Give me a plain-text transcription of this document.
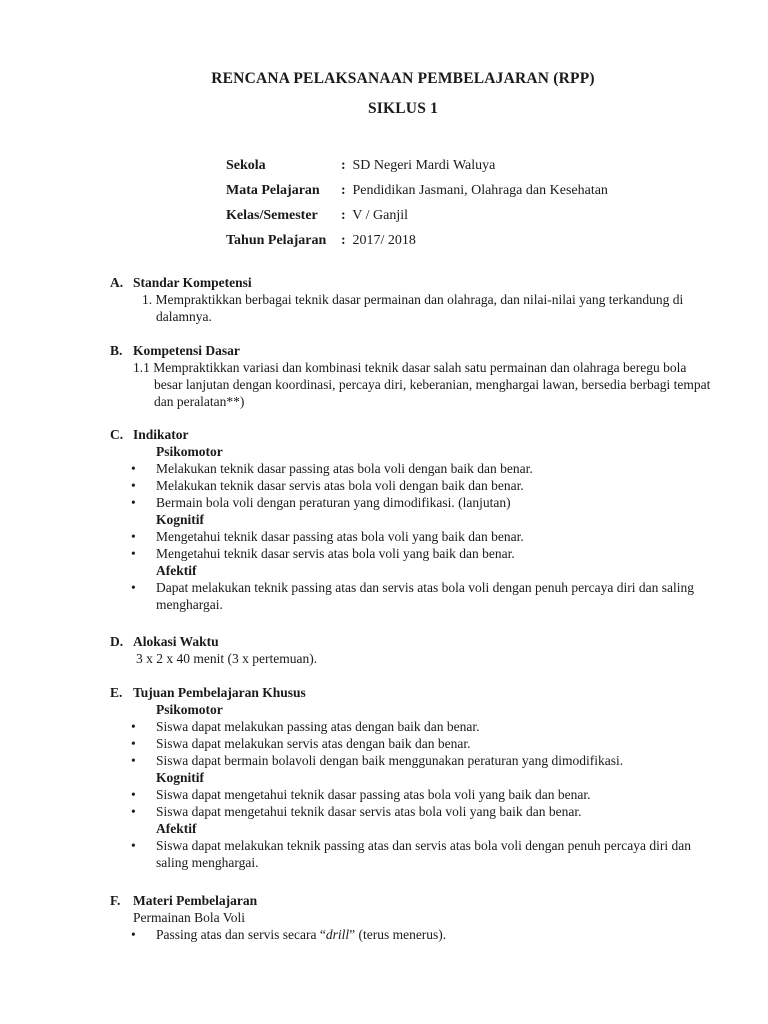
RENCANA PELAKSANAAN PEMBELAJARAN (RPP)
SIKLUS 1
Sekola	: SD Negeri Mardi Waluya
Mata Pelajaran : Pendidikan Jasmani, Olahraga dan Kesehatan
Kelas/Semester : V / Ganjil
Tahun Pelajaran : 2017/ 2018
A. Standar Kompetensi
1. Mempraktikkan berbagai teknik dasar permainan dan olahraga, dan nilai-nilai yang terkandung di dalamnya.
B. Kompetensi Dasar
1.1 Mempraktikkan variasi dan kombinasi teknik dasar salah satu permainan dan olahraga beregu bola besar lanjutan dengan koordinasi, percaya diri, keberanian, menghargai lawan, bersedia berbagi tempat dan peralatan**)
C. Indikator
Psikomotor
• Melakukan teknik dasar passing atas bola voli dengan baik dan benar.
• Melakukan teknik dasar servis atas bola voli dengan baik dan benar.
• Bermain bola voli dengan peraturan yang dimodifikasi. (lanjutan)
Kognitif
• Mengetahui teknik dasar passing atas bola voli yang baik dan benar.
• Mengetahui teknik dasar servis atas bola voli yang baik dan benar.
Afektif
• Dapat melakukan teknik passing atas dan servis atas bola voli dengan penuh percaya diri dan saling menghargai.
D. Alokasi Waktu
3 x 2 x 40 menit (3 x pertemuan).
E. Tujuan Pembelajaran Khusus
Psikomotor
• Siswa dapat melakukan passing atas dengan baik dan benar.
• Siswa dapat melakukan servis atas dengan baik dan benar.
• Siswa dapat bermain bolavoli dengan baik menggunakan peraturan yang dimodifikasi.
Kognitif
• Siswa dapat mengetahui teknik dasar passing atas bola voli yang baik dan benar.
• Siswa dapat mengetahui teknik dasar servis atas bola voli yang baik dan benar.
Afektif
• Siswa dapat melakukan teknik passing atas dan servis atas bola voli dengan penuh percaya diri dan saling menghargai.
F. Materi Pembelajaran
Permainan Bola Voli
• Passing atas dan servis secara “drill” (terus menerus).
